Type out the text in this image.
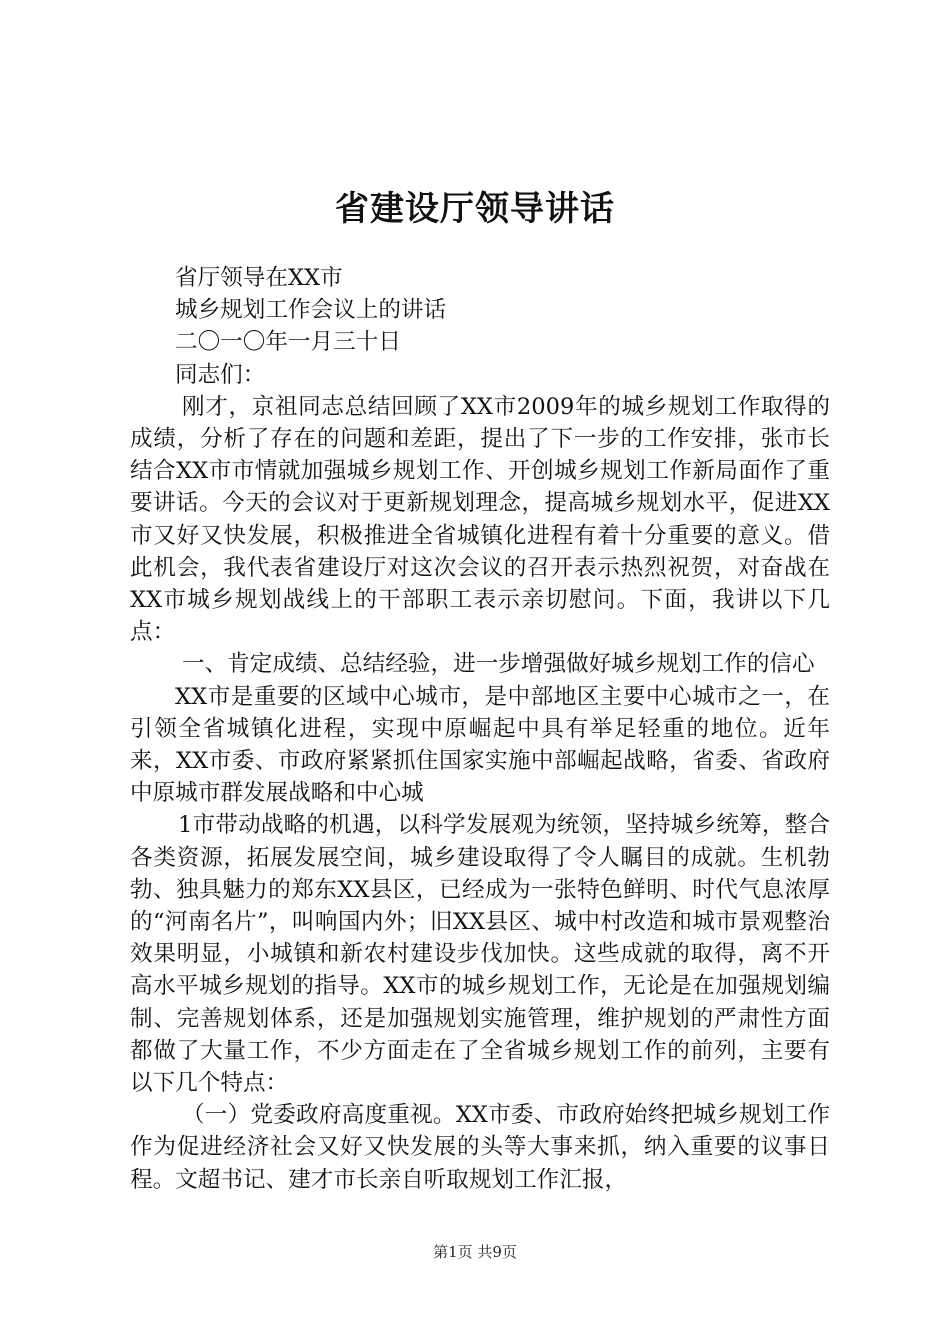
省建设厅领导讲话

省厅领导在XX市

城乡规划工作会议上的讲话

二〇一〇年一月三十日

同志们：

刚才，京祖同志总结回顾了XX市2009年的城乡规划工作取得的成绩，分析了存在的问题和差距，提出了下一步的工作安排，张市长结合XX市市情就加强城乡规划工作、开创城乡规划工作新局面作了重要讲话。今天的会议对于更新规划理念，提高城乡规划水平，促进XX市又好又快发展，积极推进全省城镇化进程有着十分重要的意义。借此机会，我代表省建设厅对这次会议的召开表示热烈祝贺，对奋战在XX市城乡规划战线上的干部职工表示亲切慰问。下面，我讲以下几点：

一、肯定成绩、总结经验，进一步增强做好城乡规划工作的信心

XX市是重要的区域中心城市，是中部地区主要中心城市之一，在引领全省城镇化进程，实现中原崛起中具有举足轻重的地位。近年来，XX市委、市政府紧紧抓住国家实施中部崛起战略，省委、省政府中原城市群发展战略和中心城

1市带动战略的机遇，以科学发展观为统领，坚持城乡统筹，整合各类资源，拓展发展空间，城乡建设取得了令人瞩目的成就。生机勃勃、独具魅力的郑东XX县区，已经成为一张特色鲜明、时代气息浓厚的“河南名片”，叫响国内外；旧XX县区、城中村改造和城市景观整治效果明显，小城镇和新农村建设步伐加快。这些成就的取得，离不开高水平城乡规划的指导。XX市的城乡规划工作，无论是在加强规划编制、完善规划体系，还是加强规划实施管理，维护规划的严肃性方面都做了大量工作，不少方面走在了全省城乡规划工作的前列，主要有以下几个特点：

（一）党委政府高度重视。XX市委、市政府始终把城乡规划工作作为促进经济社会又好又快发展的头等大事来抓，纳入重要的议事日程。文超书记、建才市长亲自听取规划工作汇报，

第1页 共9页
